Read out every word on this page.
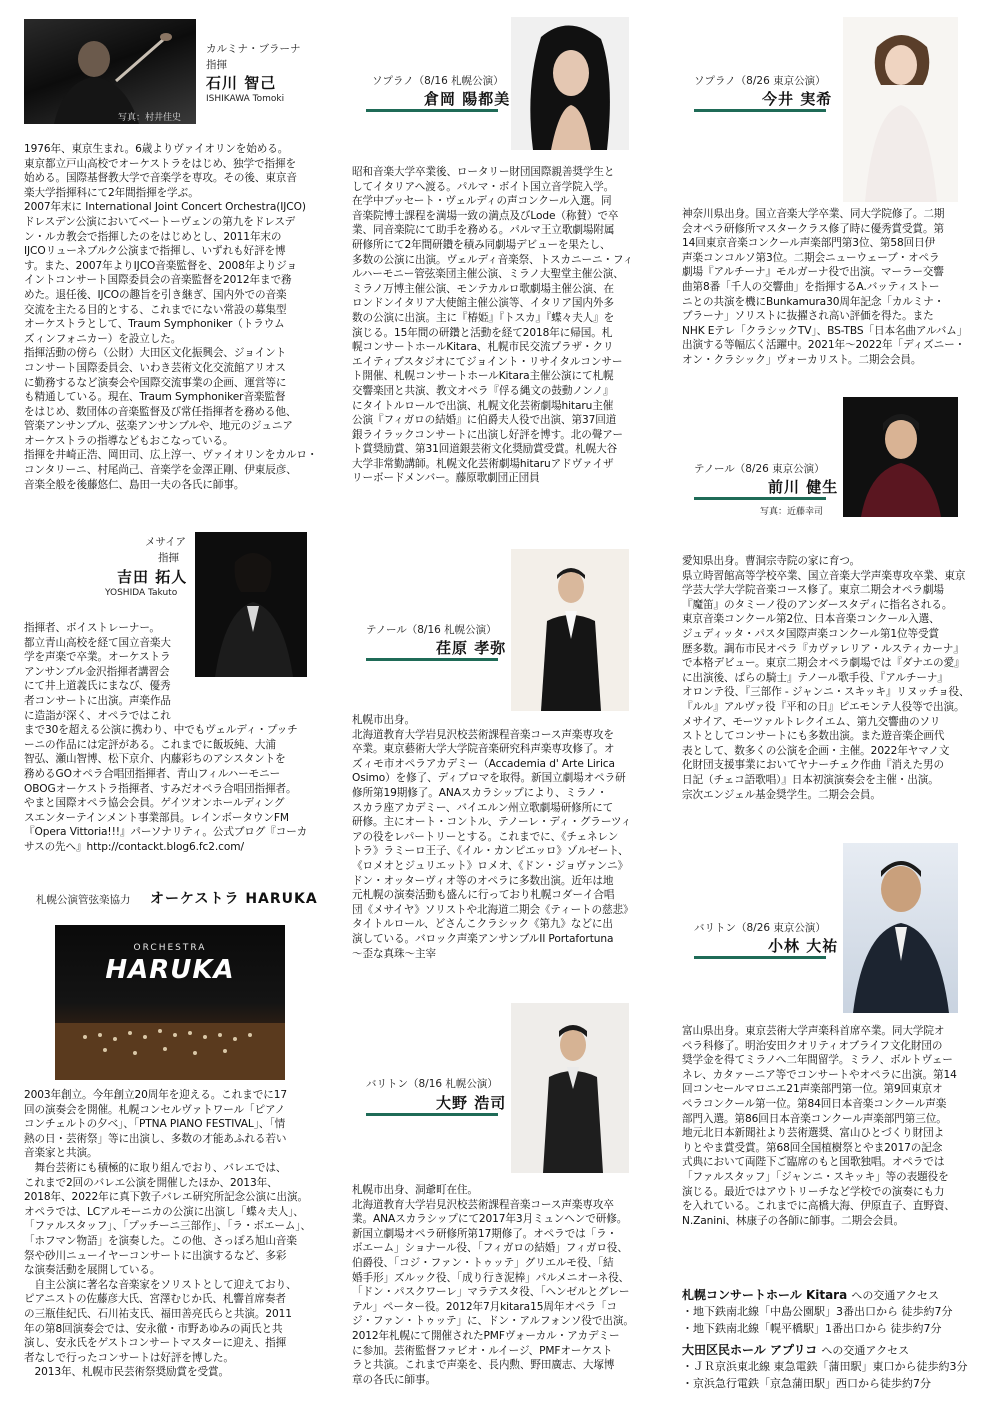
カルミナ・ブラーナ
指揮
石川 智己
ISHIKAWA Tomoki
写真：村井佳史
1976年、東京生まれ。6歳よりヴァイオリンを始める。
東京都立戸山高校でオーケストラをはじめ、独学で指揮を
始める。国際基督教大学で音楽学を専攻。その後、東京音
楽大学指揮科にて2年間指揮を学ぶ。
2007年末に International Joint Concert Orchestra(IJCO)
ドレスデン公演においてベートーヴェンの第九をドレスデ
ン・ルカ教会で指揮したのをはじめとし、2011年末の
IJCOリューネブルク公演まで指揮し、いずれも好評を博
す。また、2007年よりIJCO音楽監督を、2008年よりジョ
イントコンサート国際委員会の音楽監督を2012年まで務
めた。退任後、IJCOの趣旨を引き継ぎ、国内外での音楽
交流を主たる目的とする、これまでにない常設の募集型
オーケストラとして、Traum Symphoniker（トラウム
ズィンフォニカー）を設立した。
指揮活動の傍ら（公財）大田区文化振興会、ジョイント
コンサート国際委員会、いわき芸術文化交流館アリオス
に勤務するなど演奏会や国際交流事業の企画、運営等に
も精通している。現在、Traum Symphoniker音楽監督
をはじめ、数団体の音楽監督及び常任指揮者を務める他、
管楽アンサンブル、弦楽アンサンブルや、地元のジュニア
オーケストラの指導などもおこなっている。
指揮を井崎正浩、岡田司、広上淳一、ヴァイオリンをカルロ・
コンタリーニ、村尾尚己、音楽学を金澤正剛、伊東辰彦、
音楽全般を後藤悠仁、島田一夫の各氏に師事。
メサイア
指揮
吉田 拓人
YOSHIDA Takuto
指揮者、ボイストレーナー。
都立青山高校を経て国立音楽大
学を声楽で卒業。オーケストラ
アンサンブル金沢指揮者講習会
にて井上道義氏にまなび、優秀
者コンサートに出演。声楽作品
に造詣が深く、オペラではこれ
まで30を超える公演に携わり、中でもヴェルディ・プッチ
ーニの作品には定評がある。これまでに飯坂純、大浦
智弘、瀬山智博、松下京介、内藤彩ちのアシスタントを
務めるGOオペラ合唱団指揮者、青山フィルハーモニー
OBOGオーケストラ指揮者、すみだオペラ合唱団指揮者。
やまと国際オペラ協会会員。ゲイツオンホールディング
スエンターテインメント事業部員。レインボータウンFM
『Opera Vittoria!!!』パーソナリティ。公式ブログ『コーカ
サスの先へ』http://contackt.blog6.fc2.com/
札幌公演管弦楽協力 オーケストラ HARUKA
ORCHESTRA
HARUKA
2003年創立。今年創立20周年を迎える。これまでに17
回の演奏会を開催。札幌コンセルヴァトワール「ピアノ
コンチェルトの夕べ」、「PTNA PIANO FESTIVAL」、「情
熱の日・芸術祭」等に出演し、多数の才能あふれる若い
音楽家と共演。
　舞台芸術にも積極的に取り組んでおり、バレエでは、
これまで2回のバレエ公演を開催したほか、2013年、
2018年、2022年に真下敦子バレエ研究所記念公演に出演。
オペラでは、LCアルモーニカの公演に出演し「蝶々夫人」、
「ファルスタッフ」、「プッチーニ三部作」、「ラ・ボエーム」、
「ホフマン物語」を演奏した。この他、さっぽろ旭山音楽
祭や砂川ニューイヤーコンサートに出演するなど、多彩
な演奏活動を展開している。
　自主公演に著名な音楽家をソリストとして迎えており、
ピアニストの佐藤彦大氏、宮澤むじか氏、札響首席奏者
の三瓶佳紀氏、石川祐支氏、福田善亮氏らと共演。2011
年の第8回演奏会では、安永徹・市野あゆみの両氏と共
演し、安永氏をゲストコンサートマスターに迎え、指揮
者なしで行ったコンサートは好評を博した。
　2013年、札幌市民芸術祭奨励賞を受賞。
ソプラノ（8/16 札幌公演）
倉岡 陽都美
昭和音楽大学卒業後、ロータリー財団国際親善奨学生と
してイタリアへ渡る。パルマ・ボイト国立音学院入学。
在学中プッセート・ヴェルディの声コンクール入選。同
音楽院博士課程を満場一致の満点及びLode（称賛）で卒
業、同音楽院にて助手を務める。パルマ王立歌劇場附属
研修所にて2年間研鑽を積み同劇場デビューを果たし、
多数の公演に出演。ヴェルディ音楽祭、トスカニーニ・フィ
ルハーモニー管弦楽団主催公演、ミラノ大聖堂主催公演、
ミラノ万博主催公演、モンテカルロ歌劇場主催公演、在
ロンドンイタリア大使館主催公演等、イタリア国内外多
数の公演に出演。主に『椿姫』『トスカ』『蝶々夫人』を
演じる。15年間の研鑽と活動を経て2018年に帰国。札
幌コンサートホールKitara、札幌市民交流プラザ・クリ
エイティブスタジオにてジョイント・リサイタルコンサー
ト開催、札幌コンサートホールKitara主催公演にて札幌
交響楽団と共演、教文オペラ『俘る縄文の鼓動ノンノ』
にタイトルロールで出演、札幌文化芸術劇場hitaru主催
公演『フィガロの結婚』に伯爵夫人役で出演、第37回道
銀ライラックコンサートに出演し好評を博す。北の聲アー
ト賞奨励賞、第31回道銀芸術文化奨励賞受賞。札幌大谷
大学非常勤講師。札幌文化芸術劇場hitaruアドヴァイザ
リーボードメンバー。藤原歌劇団正団員
テノール（8/16 札幌公演）
荏原 孝弥
札幌市出身。
北海道教育大学岩見沢校芸術課程音楽コース声楽専攻を
卒業。東京藝術大学大学院音楽研究科声楽専攻修了。オ
ズィモ市オペラアカデミー（Accademia d' Arte Lirica
Osimo）を修了、ディプロマを取得。新国立劇場オペラ研
修所第19期修了。ANAスカラシップにより、ミラノ・
スカラ座アカデミー、バイエルン州立歌劇場研修所にて
研修。主にオート・コントル、テノーレ・ディ・グラーツィ
アの役をレパートリーとする。これまでに、《チェネレン
トラ》ラミーロ王子、《イル・カンピエッロ》ゾルゼート、
《ロメオとジュリエット》ロメオ、《ドン・ジョヴァンニ》
ドン・オッターヴィオ等のオペラに多数出演。近年は地
元札幌の演奏活動も盛んに行っており札幌コダーイ合唱
団《メサイヤ》ソリストや北海道二期会《ティートの慈悲》
タイトルロール、どさんこクラシック《第九》などに出
演している。バロック声楽アンサンブルIl Portafortuna
～歪な真珠～主宰
バリトン（8/16 札幌公演）
大野 浩司
札幌市出身、洞爺町在住。
北海道教育大学岩見沢校芸術課程音楽コース声楽専攻卒
業。ANAスカラシップにて2017年3月ミュンヘンで研修。
新国立劇場オペラ研修所第17期修了。オペラでは「ラ・
ボエーム」ショナール役、「フィガロの結婚」フィガロ役、
伯爵役、「コジ・ファン・トゥッテ」グリエルモ役、「結
婚手形」ズルック役、「成り行き泥棒」パルメニオーネ役、
「ドン・パスクワーレ」マラテスタ役、「ヘンゼルとグレー
テル」ペーター役。2012年7月kitara15周年オペラ「コ
ジ・ファン・トゥッテ」に、ドン・アルフォンソ役で出演。
2012年札幌にて開催されたPMFヴォーカル・アカデミー
に参加。芸術監督ファビオ・ルイージ、PMFオーケスト
ラと共演。これまで声楽を、長内勲、野田廣志、大塚博
章の各氏に師事。
ソプラノ（8/26 東京公演）
今井 実希
神奈川県出身。国立音楽大学卒業、同大学院修了。二期
会オペラ研修所マスタークラス修了時に優秀賞受賞。第
14回東京音楽コンクール声楽部門第3位、第58回日伊
声楽コンコルソ第3位。二期会ニューウェーブ・オペラ
劇場『アルチーナ』モルガーナ役で出演。マーラー交響
曲第8番「千人の交響曲」を指揮するA.バッティストー
ニとの共演を機にBunkamura30周年記念「カルミナ・
ブラーナ」ソリストに抜擢され高い評価を得た。また
NHK Eテレ「クラシックTV」、BS-TBS「日本名曲アルバム」
出演する等幅広く活躍中。2021年～2022年「ディズニー・
オン・クラシック」ヴォーカリスト。二期会会員。
テノール（8/26 東京公演）
前川 健生
写真：近藤幸司
愛知県出身。曹洞宗寺院の家に育つ。
県立時習館高等学校卒業、国立音楽大学声楽専攻卒業、東京
学芸大学大学院音楽コース修了。東京二期会オペラ劇場
『魔笛』のタミーノ役のアンダースタディに指名される。
東京音楽コンクール第2位、日本音楽コンクール入選、
ジュディッタ・パスタ国際声楽コンクール第1位等受賞
歴多数。調布市民オペラ『カヴァレリア・ルスティカーナ』
で本格デビュー。東京二期会オペラ劇場では『ダナエの愛』
に出演後、ぱらの騎士』テノール歌手役、『アルチーナ』
オロンテ役、『三部作 - ジャンニ・スキッキ』リヌッチョ役、
『ルル』アルヴァ役『平和の日』ピエモンテ人役等で出演。
メサイア、モーツァルトレクイエム、第九交響曲のソリ
ストとしてコンサートにも多数出演。また遊音楽企画代
表として、数多くの公演を企画・主催。2022年ヤマノ文
化財団支援事業においてヤナーチェク作曲『消えた男の
日記（チェコ語歌唱）』日本初演演奏会を主催・出演。
宗次エンジェル基金奨学生。二期会会員。
バリトン（8/26 東京公演）
小林 大祐
富山県出身。東京芸術大学声楽科首席卒業。同大学院オ
ペラ科修了。明治安田クオリティオブライフ文化財団の
奨学金を得てミラノへ二年間留学。ミラノ、ボルトヴェー
ネレ、カタァーニア等でコンサートやオペラに出演。第14
回コンセールマロニエ21声楽部門第一位。第9回東京オ
ペラコンクール第一位。第84回日本音楽コンクール声楽
部門入選。第86回日本音楽コンクール声楽部門第三位。
地元北日本新聞社より芸術選奨、富山ひとづくり財団よ
りとやま賞受賞。第68回全国植樹祭とやま2017の記念
式典において両陛下ご臨席のもと国歌独唱。オペラでは
「ファルスタッフ」「ジャンニ・スキッキ」等の表題役を
演じる。最近ではアウトリーチなど学校での演奏にも力
を入れている。これまでに高橋大海、伊原直子、直野資、
N.Zanini、林康子の各師に師事。二期会会員。
札幌コンサートホール Kitara への交通アクセス
・地下鉄南北線「中島公園駅」3番出口から 徒歩約7分
・地下鉄南北線「幌平橋駅」1番出口から 徒歩約7分
大田区民ホール アプリコ への交通アクセス
・ＪＲ京浜東北線 東急電鉄「蒲田駅」東口から徒歩約3分
・京浜急行電鉄「京急蒲田駅」西口から徒歩約7分
